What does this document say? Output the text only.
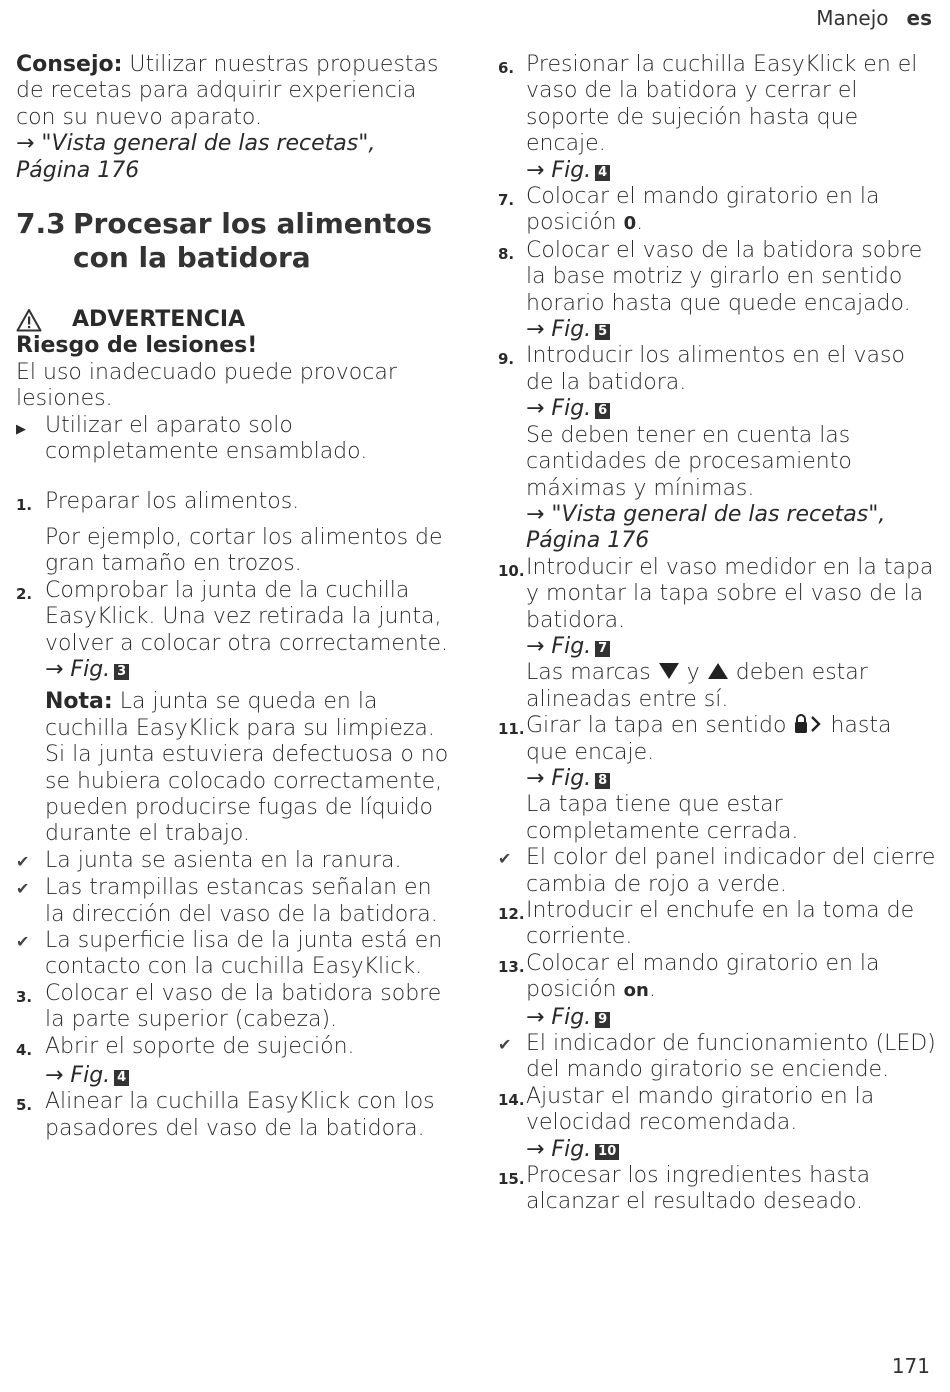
Manejo es

Consejo: Utilizar nuestras propuestas de recetas para adquirir experiencia con su nuevo aparato.

→ "Vista general de las recetas", Página 176

7.3 Procesar los alimentos con la batidora
ADVERTENCIA

Riesgo de lesiones!

El uso inadecuado puede provocar lesiones.

▶ Utilizar el aparato solo completamente ensamblado.
1. Preparar los alimentos.

Por ejemplo, cortar los alimentos de gran tamaño en trozos.

2. Comprobar la junta de la cuchilla EasyKlick. Una vez retirada la junta, volver a colocar otra correctamente.

→ Fig. 3

Nota: La junta se queda en la cuchilla EasyKlick para su limpieza. Si la junta estuviera defectuosa o no se hubiera colocado correctamente, pueden producirse fugas de líquido durante el trabajo.

✔ La junta se asienta en la ranura.
✔ Las trampillas estancas señalan en la dirección del vaso de la batidora.
✔ La superficie lisa de la junta está en contacto con la cuchilla EasyKlick.
3. Colocar el vaso de la batidora sobre la parte superior (cabeza).
4. Abrir el soporte de sujeción.

→ Fig. 4

5. Alinear la cuchilla EasyKlick con los pasadores del vaso de la batidora.
6. Presionar la cuchilla EasyKlick en el vaso de la batidora y cerrar el soporte de sujeción hasta que encaje.

→ Fig. 4

7. Colocar el mando giratorio en la posición 0.
8. Colocar el vaso de la batidora sobre la base motriz y girarlo en sentido horario hasta que quede encajado.

→ Fig. 5

9. Introducir los alimentos en el vaso de la batidora.

→ Fig. 6

Se deben tener en cuenta las cantidades de procesamiento máximas y mínimas.

→ "Vista general de las recetas", Página 176

10. Introducir el vaso medidor en la tapa y montar la tapa sobre el vaso de la batidora.

→ Fig. 7

Las marcas y deben estar alineadas entre sí.

11. Girar la tapa en sentido hasta que encaje.

→ Fig. 8

La tapa tiene que estar completamente cerrada.

✔ El color del panel indicador del cierre cambia de rojo a verde.
12. Introducir el enchufe en la toma de corriente.
13. Colocar el mando giratorio en la posición on.

→ Fig. 9

✔ El indicador de funcionamiento (LED) del mando giratorio se enciende.
14. Ajustar el mando giratorio en la velocidad recomendada.

→ Fig. 10

15. Procesar los ingredientes hasta alcanzar el resultado deseado.
171
